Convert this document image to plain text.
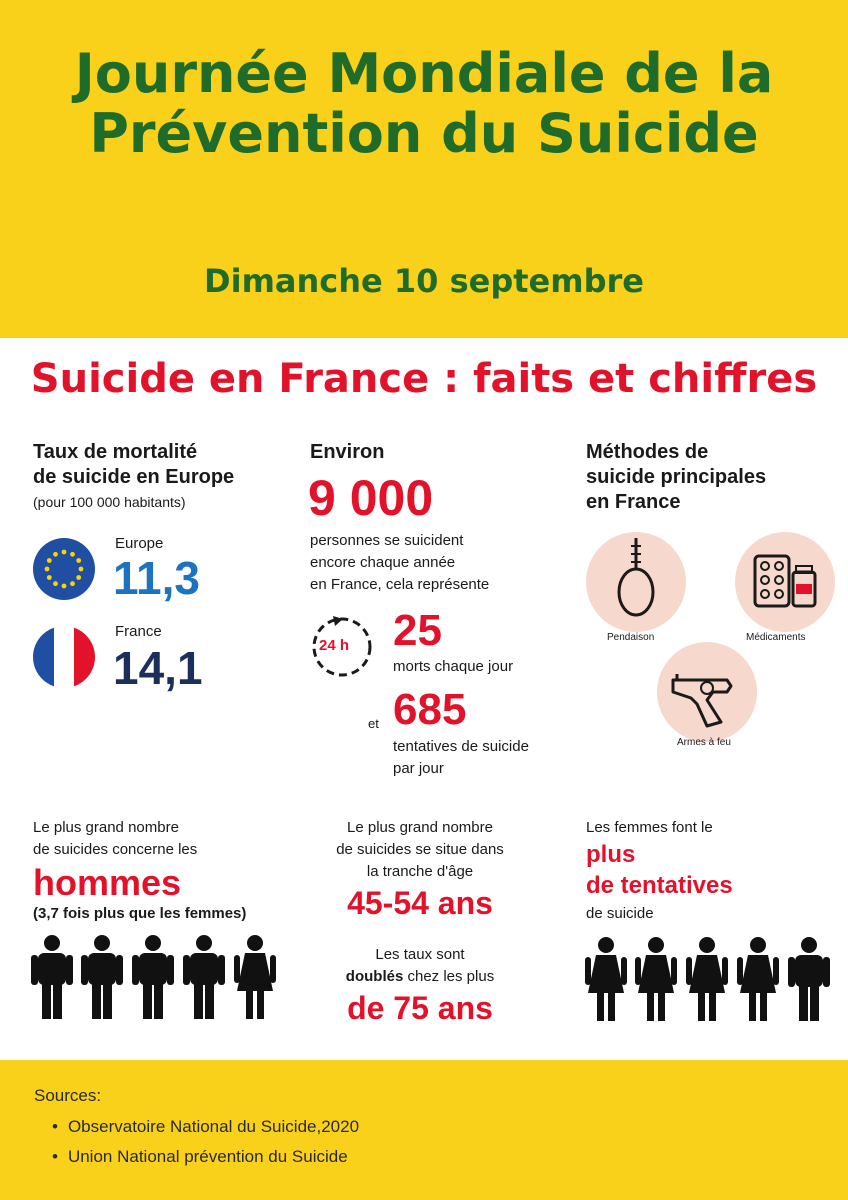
Journée Mondiale de la Prévention du Suicide
Dimanche 10 septembre
Suicide en France : faits et chiffres
Taux de mortalité
de suicide en Europe
(pour 100 000 habitants)
Europe
11,3
France
14,1
Environ
9 000
personnes se suicident
encore chaque année
en France, cela représente
24 h 25
morts chaque jour
et 685
tentatives de suicide
par jour
Méthodes de
suicide principales
en France
Pendaison	Médicaments
Armes à feu
Le plus grand nombre
de suicides concerne les
hommes
(3,7 fois plus que les femmes)
Le plus grand nombre
de suicides se situe dans
la tranche d'âge
45-54 ans
Les taux sont
doublés chez les plus
de 75 ans
Les femmes font le
plus
de tentatives
de suicide
Sources:
• Observatoire National du Suicide,2020
• Union National prévention du Suicide
